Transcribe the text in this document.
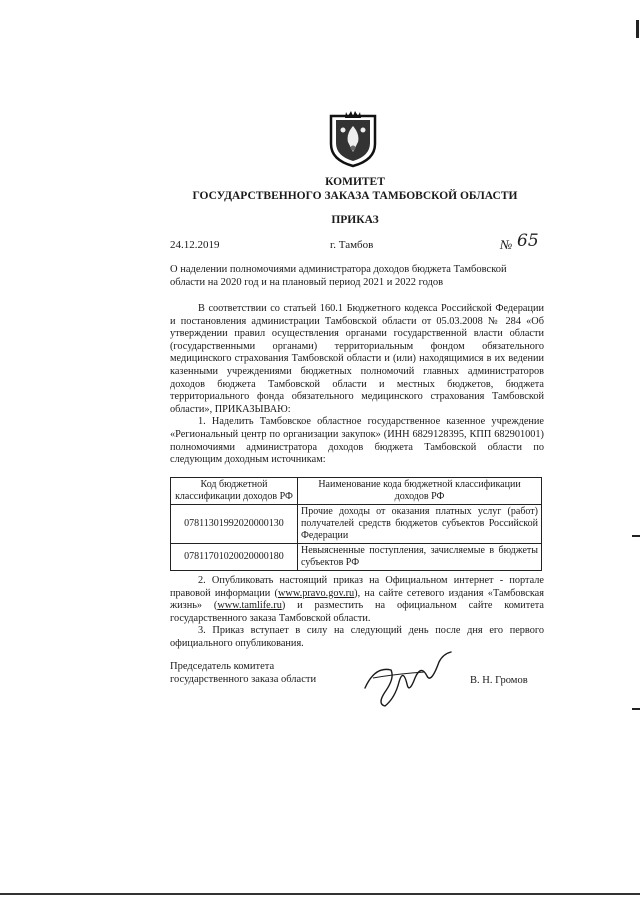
КОМИТЕТ
ГОСУДАРСТВЕННОГО ЗАКАЗА ТАМБОВСКОЙ ОБЛАСТИ
ПРИКАЗ
24.12.2019	г. Тамбов	№ 65
О наделении полномочиями администратора доходов бюджета Тамбовской области на 2020 год и на плановый период 2021 и 2022 годов

В соответствии со статьей 160.1 Бюджетного кодекса Российской Федерации и постановления администрации Тамбовской области от 05.03.2008 № 284 «Об утверждении правил осуществления органами государственной власти области (государственными органами) территориальным фондом обязательного медицинского страхования Тамбовской области и (или) находящимися в их ведении казенными учреждениями бюджетных полномочий главных администраторов доходов бюджета Тамбовской области и местных бюджетов, бюджета территориального фонда обязательного медицинского страхования Тамбовской области», ПРИКАЗЫВАЮ:

1. Наделить Тамбовское областное государственное казенное учреждение «Региональный центр по организации закупок» (ИНН 6829128395, КПП 682901001) полномочиями администратора доходов бюджета Тамбовской области по следующим доходным источникам:

Код бюджетной классификации доходов РФ	Наименование кода бюджетной классификации доходов РФ
07811301992020000130	Прочие доходы от оказания платных услуг (работ) получателей средств бюджетов субъектов Российской Федерации
07811701020020000180	Невыясненные поступления, зачисляемые в бюджеты субъектов РФ

2. Опубликовать настоящий приказ на Официальном интернет - портале правовой информации (www.pravo.gov.ru), на сайте сетевого издания «Тамбовская жизнь» (www.tamlife.ru) и разместить на официальном сайте комитета государственного заказа Тамбовской области.

3. Приказ вступает в силу на следующий день после дня его первого официального опубликования.

Председатель комитета
государственного заказа области	В. Н. Громов
